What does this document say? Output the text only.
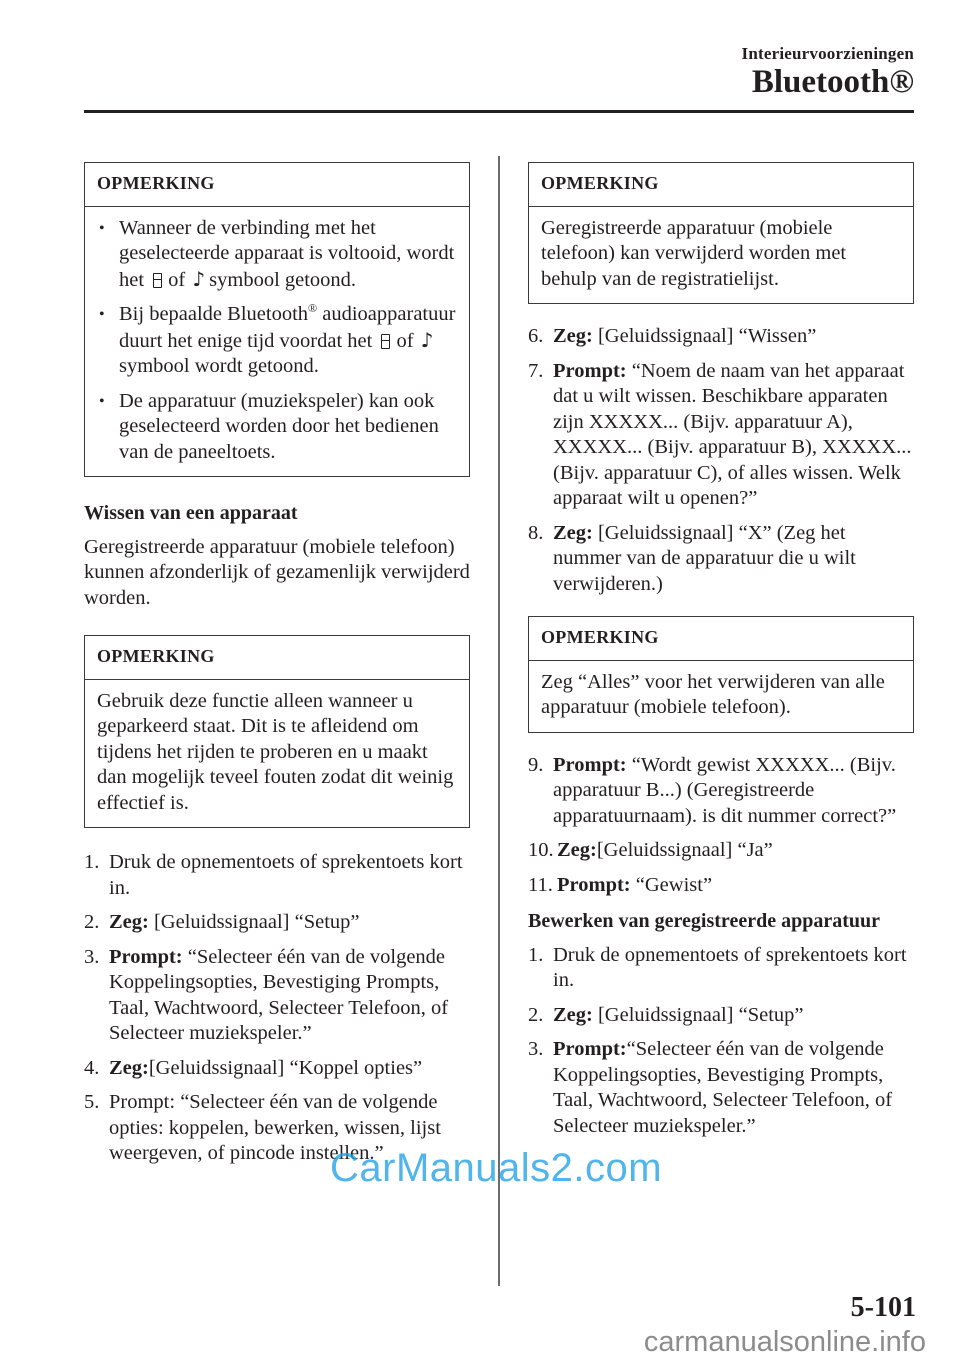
Interieurvoorzieningen
Bluetooth®
OPMERKING
• Wanneer de verbinding met het geselecteerde apparaat is voltooid, wordt het of ♪ symbool getoond.
• Bij bepaalde Bluetooth® audioapparatuur duurt het enige tijd voordat het of ♪symbool wordt getoond.
• De apparatuur (muziekspeler) kan ook geselecteerd worden door het bedienen van de paneeltoets.
Wissen van een apparaat

Geregistreerde apparatuur (mobiele telefoon) kunnen afzonderlijk of gezamenlijk verwijderd worden.

OPMERKING
Gebruik deze functie alleen wanneer u geparkeerd staat. Dit is te afleidend om tijdens het rijden te proberen en u maakt dan mogelijk teveel fouten zodat dit weinig effectief is.
1. Druk de opnementoets of sprekentoets kort in.
2. Zeg: [Geluidssignaal] “Setup”
3. Prompt: “Selecteer één van de volgende Koppelingsopties, Bevestiging Prompts, Taal, Wachtwoord, Selecteer Telefoon, of Selecteer muziekspeler.”
4. Zeg:[Geluidssignaal] “Koppel opties”
5. Prompt: “Selecteer één van de volgende opties: koppelen, bewerken, wissen, lijst weergeven, of pincode instellen.”
OPMERKING
Geregistreerde apparatuur (mobiele telefoon) kan verwijderd worden met behulp van de registratielijst.
6. Zeg: [Geluidssignaal] “Wissen”
7. Prompt: “Noem de naam van het apparaat dat u wilt wissen. Beschikbare apparaten zijn XXXXX... (Bijv. apparatuur A), XXXXX... (Bijv. apparatuur B), XXXXX... (Bijv. apparatuur C), of alles wissen. Welk apparaat wilt u openen?”
8. Zeg: [Geluidssignaal] “X” (Zeg het nummer van de apparatuur die u wilt verwijderen.)
OPMERKING
Zeg “Alles” voor het verwijderen van alle apparatuur (mobiele telefoon).
9. Prompt: “Wordt gewist XXXXX... (Bijv. apparatuur B...) (Geregistreerde apparatuurnaam). is dit nummer correct?”
10. Zeg:[Geluidssignaal] “Ja”
11. Prompt: “Gewist”
Bewerken van geregistreerde apparatuur
1. Druk de opnementoets of sprekentoets kort in.
2. Zeg: [Geluidssignaal] “Setup”
3. Prompt:“Selecteer één van de volgende Koppelingsopties, Bevestiging Prompts, Taal, Wachtwoord, Selecteer Telefoon, of Selecteer muziekspeler.”
5-101
CarManuals2.com
carmanualsonline.info
